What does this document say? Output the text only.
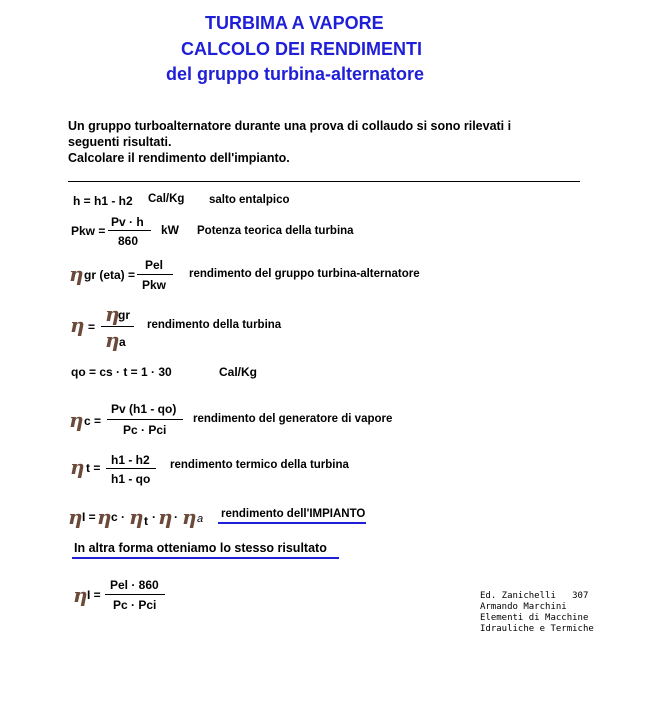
TURBIMA A VAPORE
CALCOLO DEI RENDIMENTI
del gruppo turbina-alternatore
Un gruppo turboalternatore durante una prova di collaudo si sono rilevati i
seguenti risultati.
Calcolare il rendimento dell'impianto.
h = h1 - h2 Cal/Kg salto entalpico
Pkw =
Pv · h
860
kW Potenza teorica della turbina
η gr (eta) =
Pel
Pkw
rendimento del gruppo turbina-alternatore
η =
η
gr
η a
rendimento della turbina
qo = cs · t = 1 · 30	Cal/Kg
η c =
Pv (h1 - qo)
Pc · Pci
rendimento del generatore di vapore
η t =
h1 - h2
h1 - qo
rendimento termico della turbina
η I = η c · η t · η · η a rendimento dell'IMPIANTO
In altra forma otteniamo lo stesso risultato
η I =
Pel · 860
Pc · Pci
Ed. Zanichelli   307
Armando Marchini
Elementi di Macchine
Idrauliche e Termiche
